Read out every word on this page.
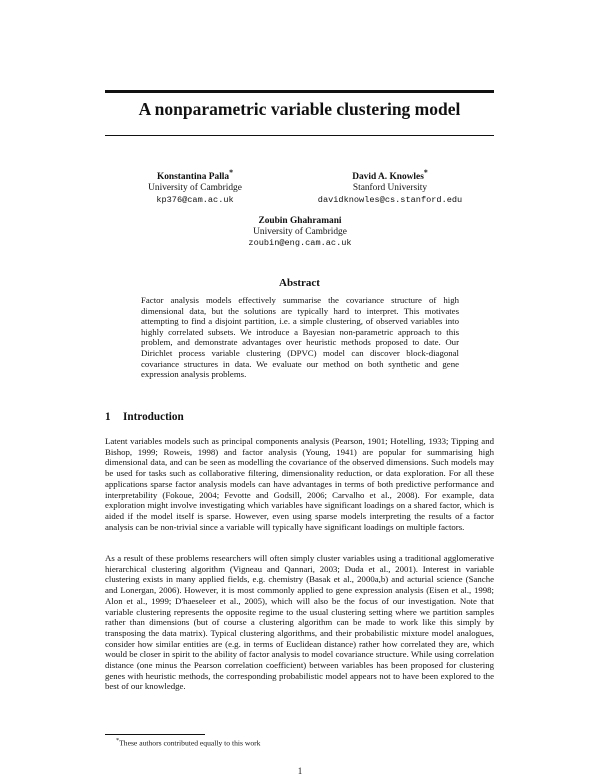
A nonparametric variable clustering model
Konstantina Palla*
University of Cambridge
kp376@cam.ac.uk
David A. Knowles*
Stanford University
davidknowles@cs.stanford.edu
Zoubin Ghahramani
University of Cambridge
zoubin@eng.cam.ac.uk
Abstract
Factor analysis models effectively summarise the covariance structure of high dimensional data, but the solutions are typically hard to interpret. This motivates attempting to find a disjoint partition, i.e. a simple clustering, of observed variables into highly correlated subsets. We introduce a Bayesian non-parametric approach to this problem, and demonstrate advantages over heuristic methods proposed to date. Our Dirichlet process variable clustering (DPVC) model can discover block-diagonal covariance structures in data. We evaluate our method on both synthetic and gene expression analysis problems.
1 Introduction
Latent variables models such as principal components analysis (Pearson, 1901; Hotelling, 1933; Tipping and Bishop, 1999; Roweis, 1998) and factor analysis (Young, 1941) are popular for summarising high dimensional data, and can be seen as modelling the covariance of the observed dimensions. Such models may be used for tasks such as collaborative filtering, dimensionality reduction, or data exploration. For all these applications sparse factor analysis models can have advantages in terms of both predictive performance and interpretability (Fokoue, 2004; Fevotte and Godsill, 2006; Carvalho et al., 2008). For example, data exploration might involve investigating which variables have significant loadings on a shared factor, which is aided if the model itself is sparse. However, even using sparse models interpreting the results of a factor analysis can be non-trivial since a variable will typically have significant loadings on multiple factors.
As a result of these problems researchers will often simply cluster variables using a traditional agglomerative hierarchical clustering algorithm (Vigneau and Qannari, 2003; Duda et al., 2001). Interest in variable clustering exists in many applied fields, e.g. chemistry (Basak et al., 2000a,b) and acturial science (Sanche and Lonergan, 2006). However, it is most commonly applied to gene expression analysis (Eisen et al., 1998; Alon et al., 1999; D'haeseleer et al., 2005), which will also be the focus of our investigation. Note that variable clustering represents the opposite regime to the usual clustering setting where we partition samples rather than dimensions (but of course a clustering algorithm can be made to work like this simply by transposing the data matrix). Typical clustering algorithms, and their probabilistic mixture model analogues, consider how similar entities are (e.g. in terms of Euclidean distance) rather how correlated they are, which would be closer in spirit to the ability of factor analysis to model covariance structure. While using correlation distance (one minus the Pearson correlation coefficient) between variables has been proposed for clustering genes with heuristic methods, the corresponding probabilistic model appears not to have been explored to the best of our knowledge.
*These authors contributed equally to this work
1
